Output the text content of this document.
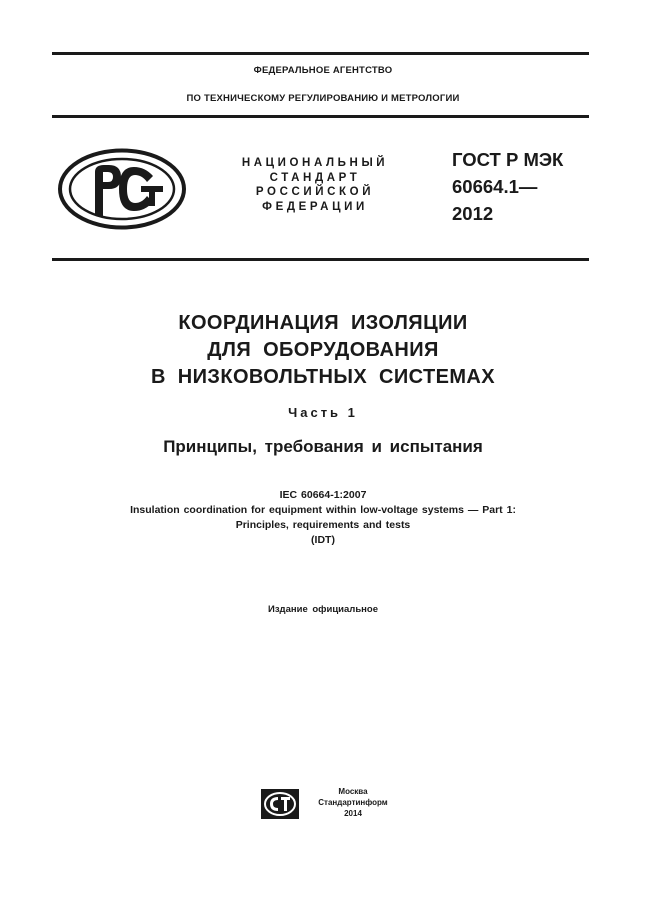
ФЕДЕРАЛЬНОЕ АГЕНТСТВО
ПО ТЕХНИЧЕСКОМУ РЕГУЛИРОВАНИЮ И МЕТРОЛОГИИ
НАЦИОНАЛЬНЫЙ
СТАНДАРТ
РОССИЙСКОЙ
ФЕДЕРАЦИИ
ГОСТ Р МЭК
60664.1—
2012
КООРДИНАЦИЯ ИЗОЛЯЦИИ
ДЛЯ ОБОРУДОВАНИЯ
В НИЗКОВОЛЬТНЫХ СИСТЕМАХ
Часть 1
Принципы, требования и испытания
IEC 60664-1:2007
Insulation coordination for equipment within low-voltage systems — Part 1:
Principles, requirements and tests
(IDT)
Издание официальное
Москва
Стандартинформ
2014
